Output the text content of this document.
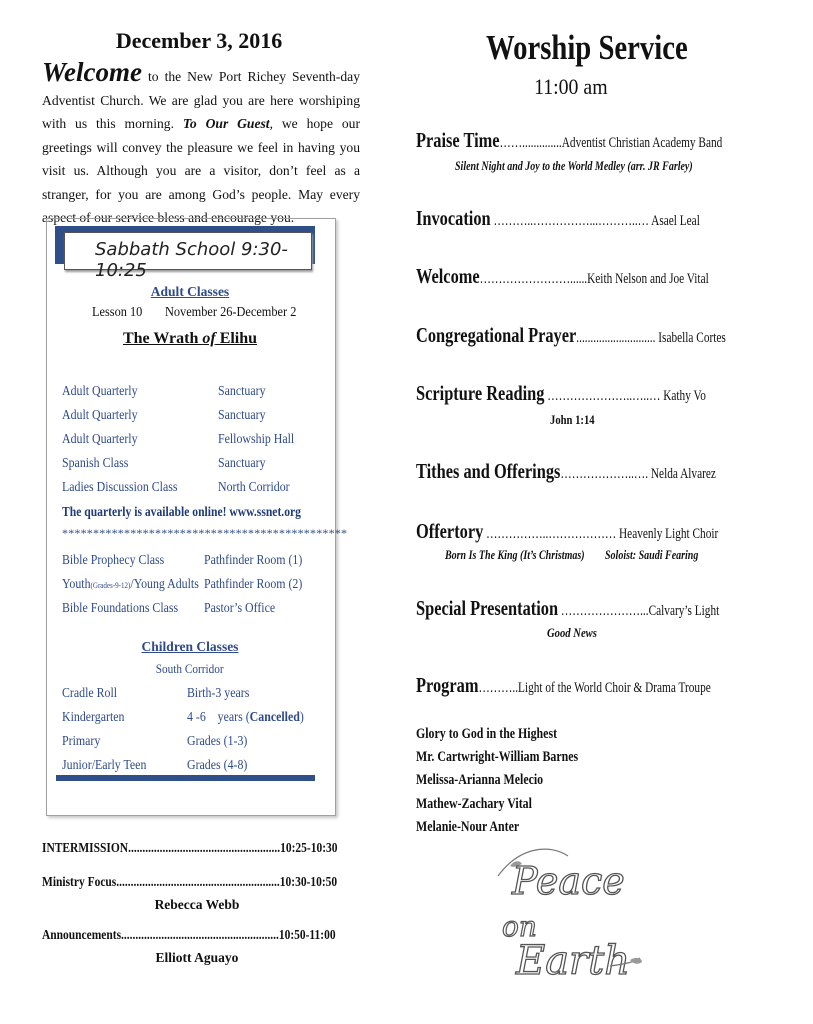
December 3, 2016
Welcome to the New Port Richey Seventh-day Adventist Church. We are glad you are here worshiping with us this morning. To Our Guest, we hope our greetings will convey the pleasure we feel in having you visit us. Although you are a visitor, don’t feel as a stranger, for you are among God’s people. May every aspect of our service bless and encourage you.
Sabbath School 9:30-10:25
Adult Classes
Lesson 10	November 26-December 2
The Wrath of Elihu
Adult Quarterly	Sanctuary
Adult Quarterly	Sanctuary
Adult Quarterly	Fellowship Hall
Spanish Class	Sanctuary
Ladies Discussion Class	North Corridor
The quarterly is available online! www.ssnet.org
**********************************************
Bible Prophecy Class	Pathfinder Room (1)
Youth(Grades-9-12)/Young Adults Pathfinder Room (2)
Bible Foundations Class	Pastor’s Office
Children Classes
South Corridor
Cradle Roll	Birth-3 years
Kindergarten	4 -6    years (Cancelled)
Primary	Grades (1-3)
Junior/Early Teen	Grades (4-8)
INTERMISSION.....................................................10:25-10:30
Ministry Focus.........................................................10:30-10:50
Rebecca Webb
Announcements.......................................................10:50-11:00
Elliott Aguayo
Worship Service
11:00 am
Praise Time……..............Adventist Christian Academy Band
Silent Night and Joy to the World Medley (arr. JR Farley)
Invocation ………..……………...………..… Asael Leal
Welcome……………………......Keith Nelson and Joe Vital
Congregational Prayer............................ Isabella Cortes
Scripture Reading …………………..…..… Kathy Vo
John 1:14
Tithes and Offerings………………..…. Nelda Alvarez
Offertory ……………..……………… Heavenly Light Choir
Born Is The King (It’s Christmas)	Soloist: Saudi Fearing
Special Presentation …………………...Calvary’s Light
Good News
Program………..Light of the World Choir & Drama Troupe
Glory to God in the Highest
Mr. Cartwright-William Barnes
Melissa-Arianna Melecio
Mathew-Zachary Vital
Melanie-Nour Anter
Peace
on
Earth
